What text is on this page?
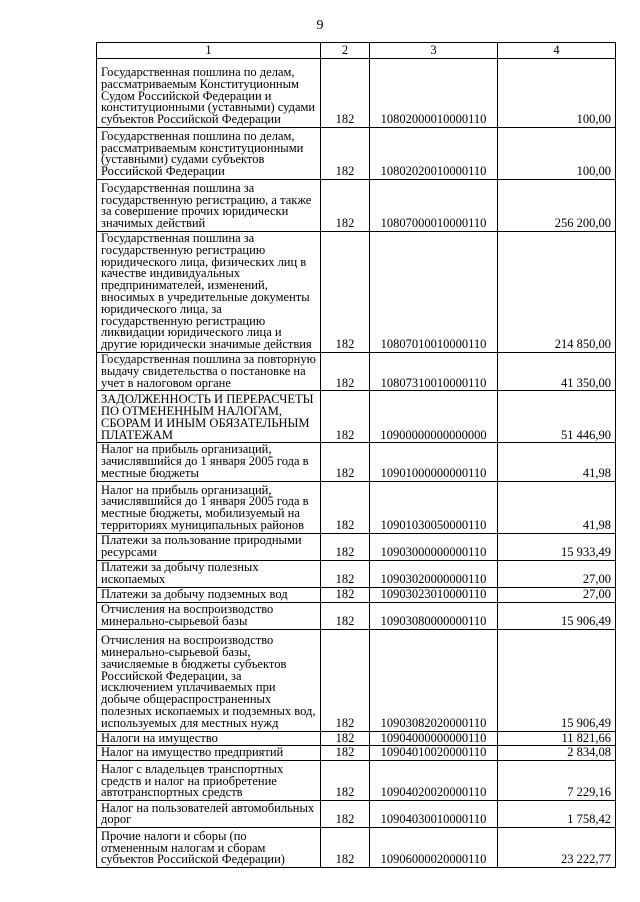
9
1	2	3	4
Государственная пошлина по делам, рассматриваемым Конституционным Судом Российской Федерации и конституционными (уставными) судами субъектов Российской Федерации	182	10802000010000110	100,00
Государственная пошлина по делам, рассматриваемым конституционными (уставными) судами субъектов Российской Федерации	182	10802020010000110	100,00
Государственная пошлина за государственную регистрацию, а также за совершение прочих юридически значимых действий	182	10807000010000110	256 200,00
Государственная пошлина за государственную регистрацию юридического лица, физических лиц в качестве индивидуальных предпринимателей, изменений, вносимых в учредительные документы юридического лица, за государственную регистрацию ликвидации юридического лица и другие юридически значимые действия	182	10807010010000110	214 850,00
Государственная пошлина за повторную выдачу свидетельства о постановке на учет в налоговом органе	182	10807310010000110	41 350,00
ЗАДОЛЖЕННОСТЬ И ПЕРЕРАСЧЕТЫ ПО ОТМЕНЕННЫМ НАЛОГАМ, СБОРАМ И ИНЫМ ОБЯЗАТЕЛЬНЫМ ПЛАТЕЖАМ	182	10900000000000000	51 446,90
Налог на прибыль организаций, зачислявшийся до 1 января 2005 года в местные бюджеты	182	10901000000000110	41,98
Налог на прибыль организаций, зачислявшийся до 1 января 2005 года в местные бюджеты, мобилизуемый на территориях муниципальных районов	182	10901030050000110	41,98
Платежи за пользование природными ресурсами	182	10903000000000110	15 933,49
Платежи за добычу полезных ископаемых	182	10903020000000110	27,00
Платежи за добычу подземных вод	182	10903023010000110	27,00
Отчисления на воспроизводство минерально-сырьевой базы	182	10903080000000110	15 906,49
Отчисления на воспроизводство минерально-сырьевой базы, зачисляемые в бюджеты субъектов Российской Федерации, за исключением уплачиваемых при добыче общераспространенных полезных ископаемых и подземных вод, используемых для местных нужд	182	10903082020000110	15 906,49
Налоги на имущество	182	10904000000000110	11 821,66
Налог на имущество предприятий	182	10904010020000110	2 834,08
Налог с владельцев транспортных средств и налог на приобретение автотранспортных средств	182	10904020020000110	7 229,16
Налог на пользователей автомобильных дорог	182	10904030010000110	1 758,42
Прочие налоги и сборы (по отмененным налогам и сборам субъектов Российской Федерации)	182	10906000020000110	23 222,77
